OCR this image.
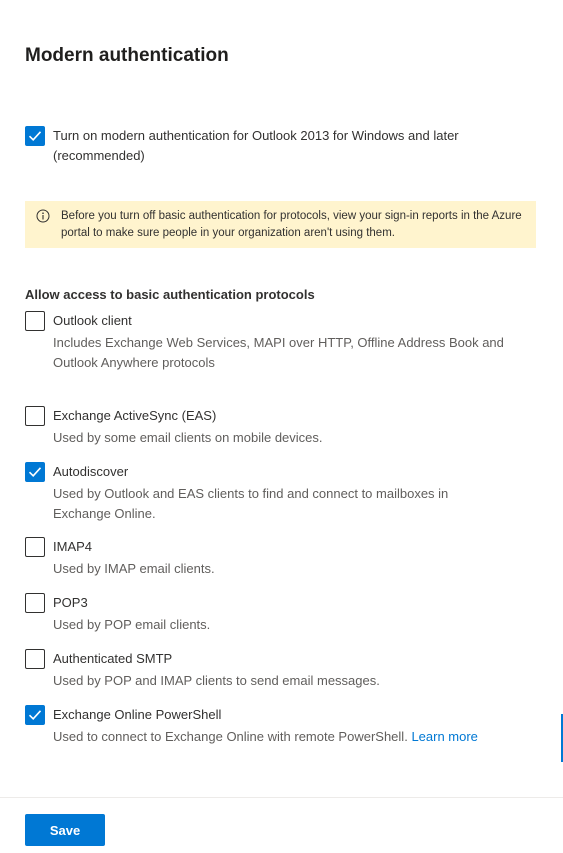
Modern authentication

Turn on modern authentication for Outlook 2013 for Windows and later (recommended)

Before you turn off basic authentication for protocols, view your sign-in reports in the Azure portal to make sure people in your organization aren't using them.

Allow access to basic authentication protocols

Outlook client

Includes Exchange Web Services, MAPI over HTTP, Offline Address Book and Outlook Anywhere protocols

Exchange ActiveSync (EAS)

Used by some email clients on mobile devices.

Autodiscover

Used by Outlook and EAS clients to find and connect to mailboxes in Exchange Online.

IMAP4

Used by IMAP email clients.

POP3

Used by POP email clients.

Authenticated SMTP

Used by POP and IMAP clients to send email messages.

Exchange Online PowerShell

Used to connect to Exchange Online with remote PowerShell. Learn more

Save
